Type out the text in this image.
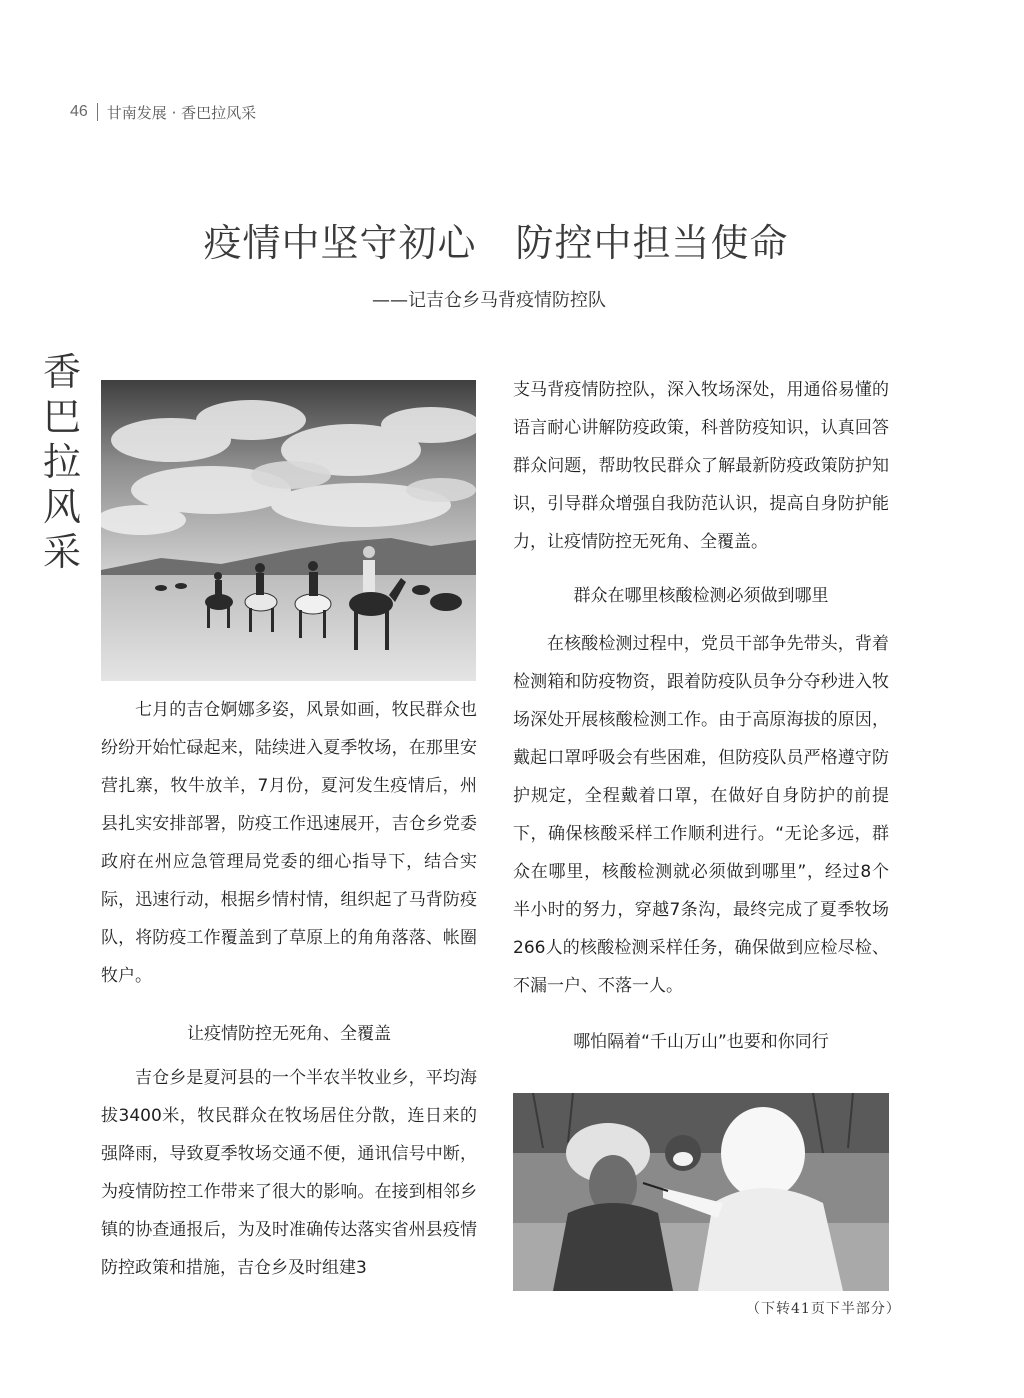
46 甘南发展 · 香巴拉风采
疫情中坚守初心　防控中担当使命
——记吉仓乡马背疫情防控队
香
巴
拉
风
采

七月的吉仓婀娜多姿，风景如画，牧民群众也纷纷开始忙碌起来，陆续进入夏季牧场，在那里安营扎寨，牧牛放羊，7月份，夏河发生疫情后，州县扎实安排部署，防疫工作迅速展开，吉仓乡党委政府在州应急管理局党委的细心指导下，结合实际，迅速行动，根据乡情村情，组织起了马背防疫队，将防疫工作覆盖到了草原上的角角落落、帐圈牧户。

让疫情防控无死角、全覆盖

吉仓乡是夏河县的一个半农半牧业乡，平均海拔3400米，牧民群众在牧场居住分散，连日来的强降雨，导致夏季牧场交通不便，通讯信号中断，为疫情防控工作带来了很大的影响。在接到相邻乡镇的协查通报后，为及时准确传达落实省州县疫情防控政策和措施，吉仓乡及时组建3

支马背疫情防控队，深入牧场深处，用通俗易懂的语言耐心讲解防疫政策，科普防疫知识，认真回答群众问题，帮助牧民群众了解最新防疫政策防护知识，引导群众增强自我防范认识，提高自身防护能力，让疫情防控无死角、全覆盖。

群众在哪里核酸检测必须做到哪里

在核酸检测过程中，党员干部争先带头，背着检测箱和防疫物资，跟着防疫队员争分夺秒进入牧场深处开展核酸检测工作。由于高原海拔的原因，戴起口罩呼吸会有些困难，但防疫队员严格遵守防护规定，全程戴着口罩，在做好自身防护的前提下，确保核酸采样工作顺利进行。“无论多远，群众在哪里，核酸检测就必须做到哪里”，经过8个半小时的努力，穿越7条沟，最终完成了夏季牧场266人的核酸检测采样任务，确保做到应检尽检、不漏一户、不落一人。

哪怕隔着“千山万山”也要和你同行
（下转41页下半部分）
